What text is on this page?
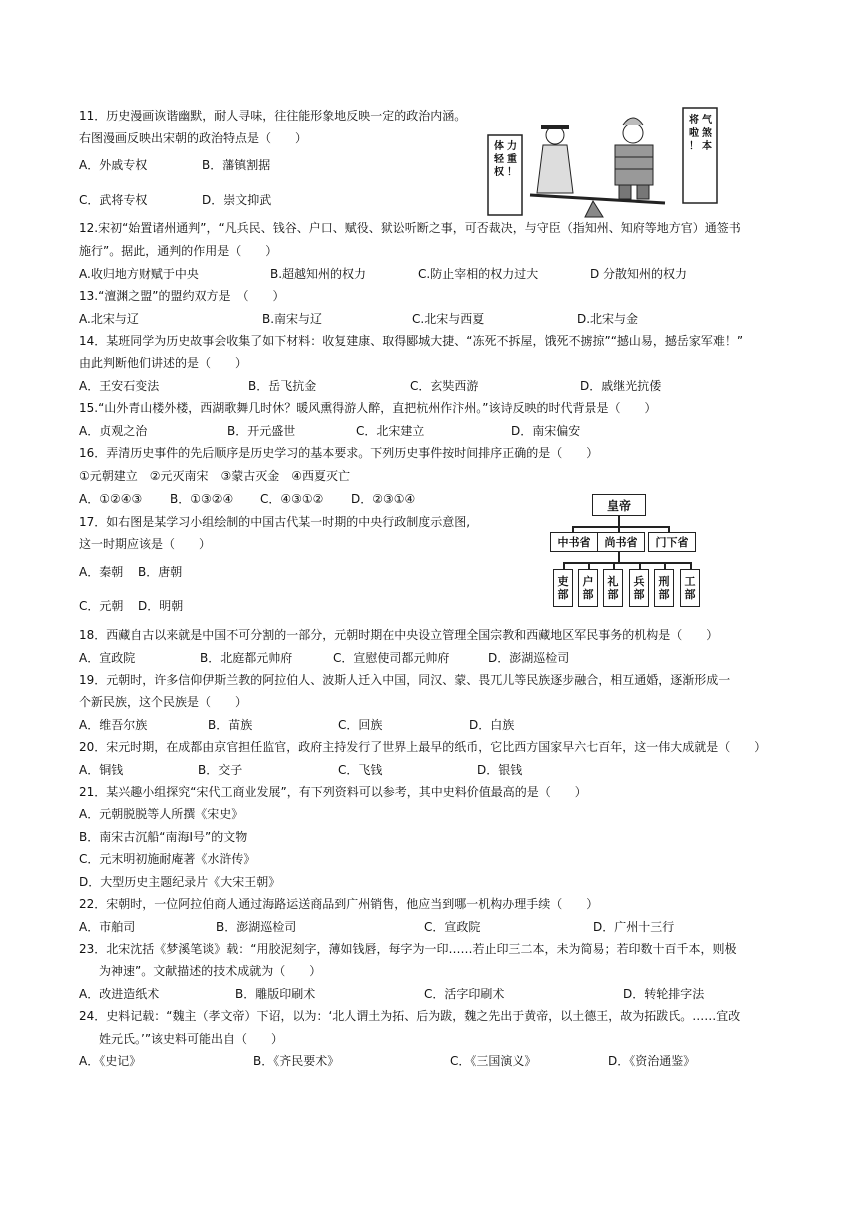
11．历史漫画诙谐幽默，耐人寻味，往往能形象地反映一定的政治内涵。
右图漫画反映出宋朝的政治特点是（　　）
A．外戚专权	B．藩镇割据
C．武将专权	D．崇文抑武
体
轻
权
力
重
！
气
煞
本
将
啦
！
12.宋初“始置诸州通判”，“凡兵民、钱谷、户口、赋役、狱讼听断之事，可否裁决，与守臣（指知州、知府等地方官）通签书
施行”。据此，通判的作用是（　　）
A.收归地方财赋于中央	B.超越知州的权力	C.防止宰相的权力过大	D 分散知州的权力
13.“澶渊之盟”的盟约双方是　（　　）
A.北宋与辽	B.南宋与辽	C.北宋与西夏	D.北宋与金
14．某班同学为历史故事会收集了如下材料：收复建康、取得郾城大捷、“冻死不拆屋，饿死不掳掠”“撼山易，撼岳家军难！”
由此判断他们讲述的是（　　）
A．王安石变法	B．岳飞抗金	C．玄奘西游	D．戚继光抗倭
15.“山外青山楼外楼，西湖歌舞几时休？暖风熏得游人醉，直把杭州作汴州。”该诗反映的时代背景是（　　）
A．贞观之治	B．开元盛世	C．北宋建立	D．南宋偏安
16．弄清历史事件的先后顺序是历史学习的基本要求。下列历史事件按时间排序正确的是（　　）
①元朝建立　②元灭南宋　③蒙古灭金　④西夏灭亡
A．①②④③ B．①③②④ C．④③①② D．②③①④
17．如右图是某学习小组绘制的中国古代某一时期的中央行政制度示意图,
这一时期应该是（　　）
A．秦朝 B．唐朝
C．元朝 D．明朝
皇帝
中书省	尚书省	门下省
吏部
户部
礼部
兵部
刑部
工部
18．西藏自古以来就是中国不可分割的一部分，元朝时期在中央设立管理全国宗教和西藏地区军民事务的机构是（　　）
A．宣政院	B．北庭都元帅府	C．宣慰使司都元帅府	D．澎湖巡检司
19．元朝时，许多信仰伊斯兰教的阿拉伯人、波斯人迁入中国，同汉、蒙、畏兀儿等民族逐步融合，相互通婚，逐渐形成一
个新民族，这个民族是（　　）
A．维吾尔族	B．苗族	C．回族	D．白族
20．宋元时期，在成都由京官担任监官，政府主持发行了世界上最早的纸币，它比西方国家早六七百年，这一伟大成就是（　　）
A．铜钱	B．交子	C．飞钱	D．银钱
21．某兴趣小组探究“宋代工商业发展”，有下列资料可以参考，其中史料价值最高的是（　　）
A．元朝脱脱等人所撰《宋史》
B．南宋古沉船“南海Ⅰ号”的文物
C．元末明初施耐庵著《水浒传》
D．大型历史主题纪录片《大宋王朝》
22．宋朝时，一位阿拉伯商人通过海路运送商品到广州销售，他应当到哪一机构办理手续（　　）
A．市舶司	B．澎湖巡检司	C．宣政院	D．广州十三行
23．北宋沈括《梦溪笔谈》载：“用胶泥刻字，薄如钱唇，每字为一印……若止印三二本，未为简易；若印数十百千本，则极
为神速”。文献描述的技术成就为（　　）
A．改进造纸术	B．雕版印刷术	C．活字印刷术	D．转轮排字法
24．史料记载：“魏主（孝文帝）下诏，以为：‘北人谓土为拓、后为跋，魏之先出于黄帝，以土德王，故为拓跋氏。……宜改
姓元氏。’”该史料可能出自（　　）
A．《史记》	B．《齐民要术》	C．《三国演义》	D．《资治通鉴》
